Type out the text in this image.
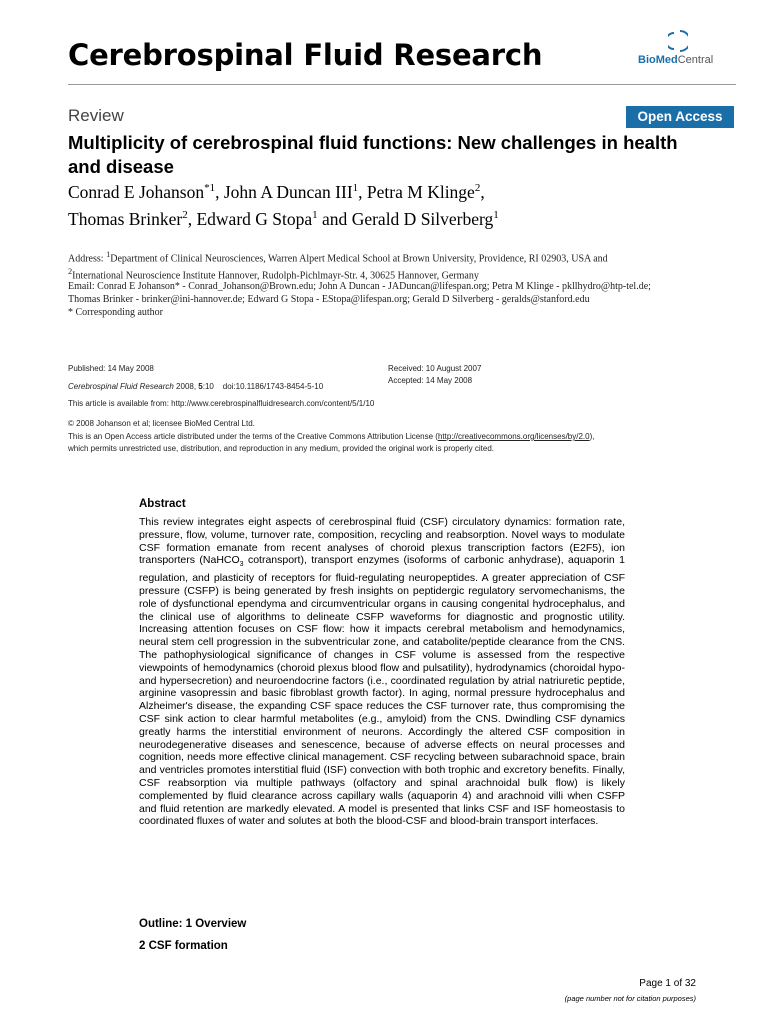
Cerebrospinal Fluid Research	BioMedCentral
Review	Open Access
Multiplicity of cerebrospinal fluid functions: New challenges in health and disease
Conrad E Johanson$^{*1}$, John A Duncan III$^1$, Petra M Klinge$^2$,
Thomas Brinker$^2$, Edward G Stopa$^1$ and Gerald D Silverberg$^1$
Address: $^1$Department of Clinical Neurosciences, Warren Alpert Medical School at Brown University, Providence, RI 02903, USA and
$^2$International Neuroscience Institute Hannover, Rudolph-Pichlmayr-Str. 4, 30625 Hannover, Germany
Email: Conrad E Johanson* - Conrad_Johanson@Brown.edu; John A Duncan - JADuncan@lifespan.org; Petra M Klinge - pkllhydro@htp-tel.de;
Thomas Brinker - brinker@ini-hannover.de; Edward G Stopa - EStopa@lifespan.org; Gerald D Silverberg - geralds@stanford.edu
* Corresponding author
Published: 14 May 2008	Received: 10 August 2007
Accepted: 14 May 2008
Cerebrospinal Fluid Research 2008, 5:10    doi:10.1186/1743-8454-5-10
This article is available from: http://www.cerebrospinalfluidresearch.com/content/5/1/10
© 2008 Johanson et al; licensee BioMed Central Ltd.
This is an Open Access article distributed under the terms of the Creative Commons Attribution License (http://creativecommons.org/licenses/by/2.0),
which permits unrestricted use, distribution, and reproduction in any medium, provided the original work is properly cited.
Abstract
This review integrates eight aspects of cerebrospinal fluid (CSF) circulatory dynamics: formation rate, pressure, flow, volume, turnover rate, composition, recycling and reabsorption. Novel ways to modulate CSF formation emanate from recent analyses of choroid plexus transcription factors (E2F5), ion transporters (NaHCO$_3$ cotransport), transport enzymes (isoforms of carbonic anhydrase), aquaporin 1 regulation, and plasticity of receptors for fluid-regulating neuropeptides. A greater appreciation of CSF pressure (CSFP) is being generated by fresh insights on peptidergic regulatory servomechanisms, the role of dysfunctional ependyma and circumventricular organs in causing congenital hydrocephalus, and the clinical use of algorithms to delineate CSFP waveforms for diagnostic and prognostic utility. Increasing attention focuses on CSF flow: how it impacts cerebral metabolism and hemodynamics, neural stem cell progression in the subventricular zone, and catabolite/peptide clearance from the CNS. The pathophysiological significance of changes in CSF volume is assessed from the respective viewpoints of hemodynamics (choroid plexus blood flow and pulsatility), hydrodynamics (choroidal hypo- and hypersecretion) and neuroendocrine factors (i.e., coordinated regulation by atrial natriuretic peptide, arginine vasopressin and basic fibroblast growth factor). In aging, normal pressure hydrocephalus and Alzheimer's disease, the expanding CSF space reduces the CSF turnover rate, thus compromising the CSF sink action to clear harmful metabolites (e.g., amyloid) from the CNS. Dwindling CSF dynamics greatly harms the interstitial environment of neurons. Accordingly the altered CSF composition in neurodegenerative diseases and senescence, because of adverse effects on neural processes and cognition, needs more effective clinical management. CSF recycling between subarachnoid space, brain and ventricles promotes interstitial fluid (ISF) convection with both trophic and excretory benefits. Finally, CSF reabsorption via multiple pathways (olfactory and spinal arachnoidal bulk flow) is likely complemented by fluid clearance across capillary walls (aquaporin 4) and arachnoid villi when CSFP and fluid retention are markedly elevated. A model is presented that links CSF and ISF homeostasis to coordinated fluxes of water and solutes at both the blood-CSF and blood-brain transport interfaces.
Outline: 1 Overview
2 CSF formation
Page 1 of 32
(page number not for citation purposes)
